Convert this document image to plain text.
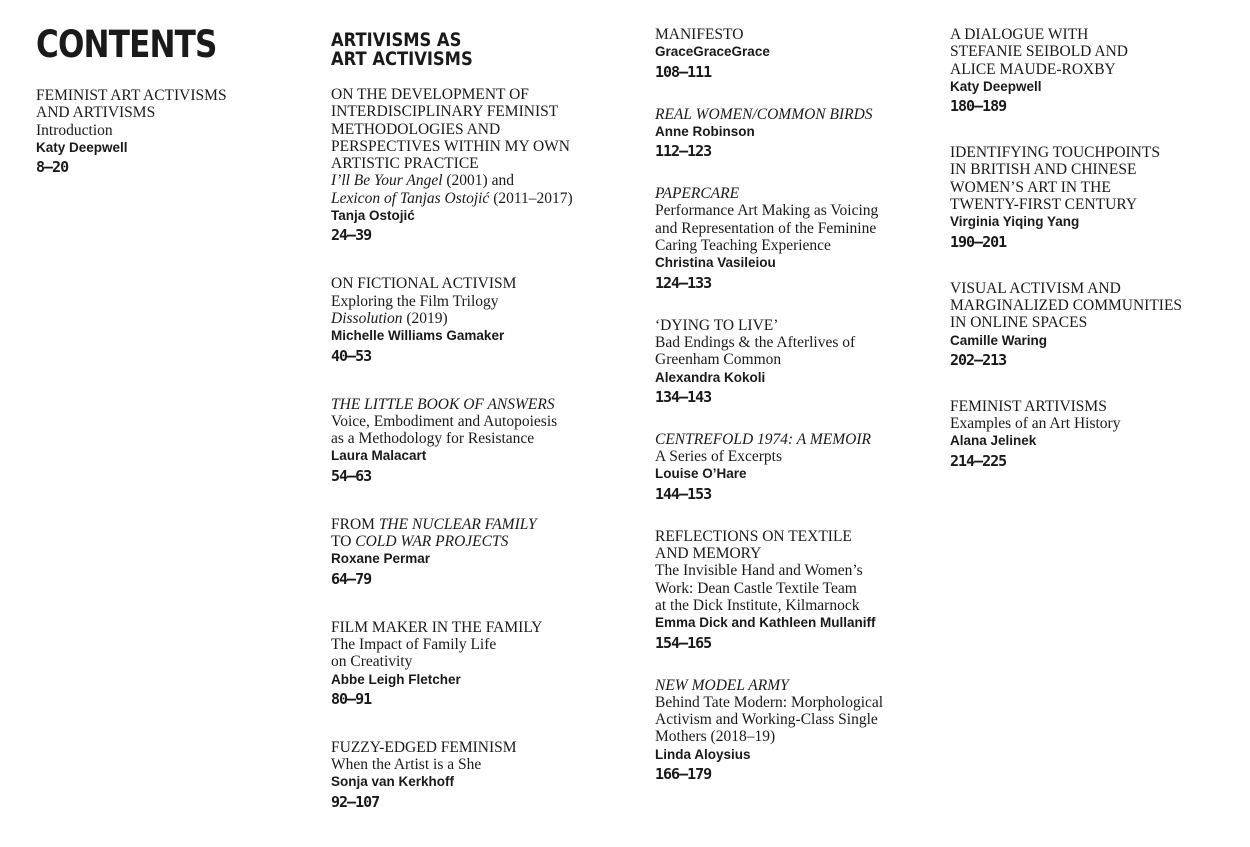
CONTENTS
FEMINIST ART ACTIVISMS
AND ARTIVISMS
Introduction
Katy Deepwell
8–20
ARTIVISMS AS
ART ACTIVISMS
ON THE DEVELOPMENT OF
INTERDISCIPLINARY FEMINIST
METHODOLOGIES AND
PERSPECTIVES WITHIN MY OWN
ARTISTIC PRACTICE
I’ll Be Your Angel (2001) and
Lexicon of Tanjas Ostojić (2011–2017)
Tanja Ostojić
24–39
ON FICTIONAL ACTIVISM
Exploring the Film Trilogy
Dissolution (2019)
Michelle Williams Gamaker
40–53
THE LITTLE BOOK OF ANSWERS
Voice, Embodiment and Autopoiesis
as a Methodology for Resistance
Laura Malacart
54–63
FROM THE NUCLEAR FAMILY
TO COLD WAR PROJECTS
Roxane Permar
64–79
FILM MAKER IN THE FAMILY
The Impact of Family Life
on Creativity
Abbe Leigh Fletcher
80–91
FUZZY-EDGED FEMINISM
When the Artist is a She
Sonja van Kerkhoff
92–107
MANIFESTO
GraceGraceGrace
108–111
REAL WOMEN/COMMON BIRDS
Anne Robinson
112–123
PAPERCARE
Performance Art Making as Voicing
and Representation of the Feminine
Caring Teaching Experience
Christina Vasileiou
124–133
‘DYING TO LIVE’
Bad Endings & the Afterlives of
Greenham Common
Alexandra Kokoli
134–143
CENTREFOLD 1974: A MEMOIR
A Series of Excerpts
Louise O’Hare
144–153
REFLECTIONS ON TEXTILE
AND MEMORY
The Invisible Hand and Women’s
Work: Dean Castle Textile Team
at the Dick Institute, Kilmarnock
Emma Dick and Kathleen Mullaniff
154–165
NEW MODEL ARMY
Behind Tate Modern: Morphological
Activism and Working-Class Single
Mothers (2018–19)
Linda Aloysius
166–179
A DIALOGUE WITH
STEFANIE SEIBOLD AND
ALICE MAUDE-ROXBY
Katy Deepwell
180–189
IDENTIFYING TOUCHPOINTS
IN BRITISH AND CHINESE
WOMEN’S ART IN THE
TWENTY-FIRST CENTURY
Virginia Yiqing Yang
190–201
VISUAL ACTIVISM AND
MARGINALIZED COMMUNITIES
IN ONLINE SPACES
Camille Waring
202–213
FEMINIST ARTIVISMS
Examples of an Art History
Alana Jelinek
214–225
